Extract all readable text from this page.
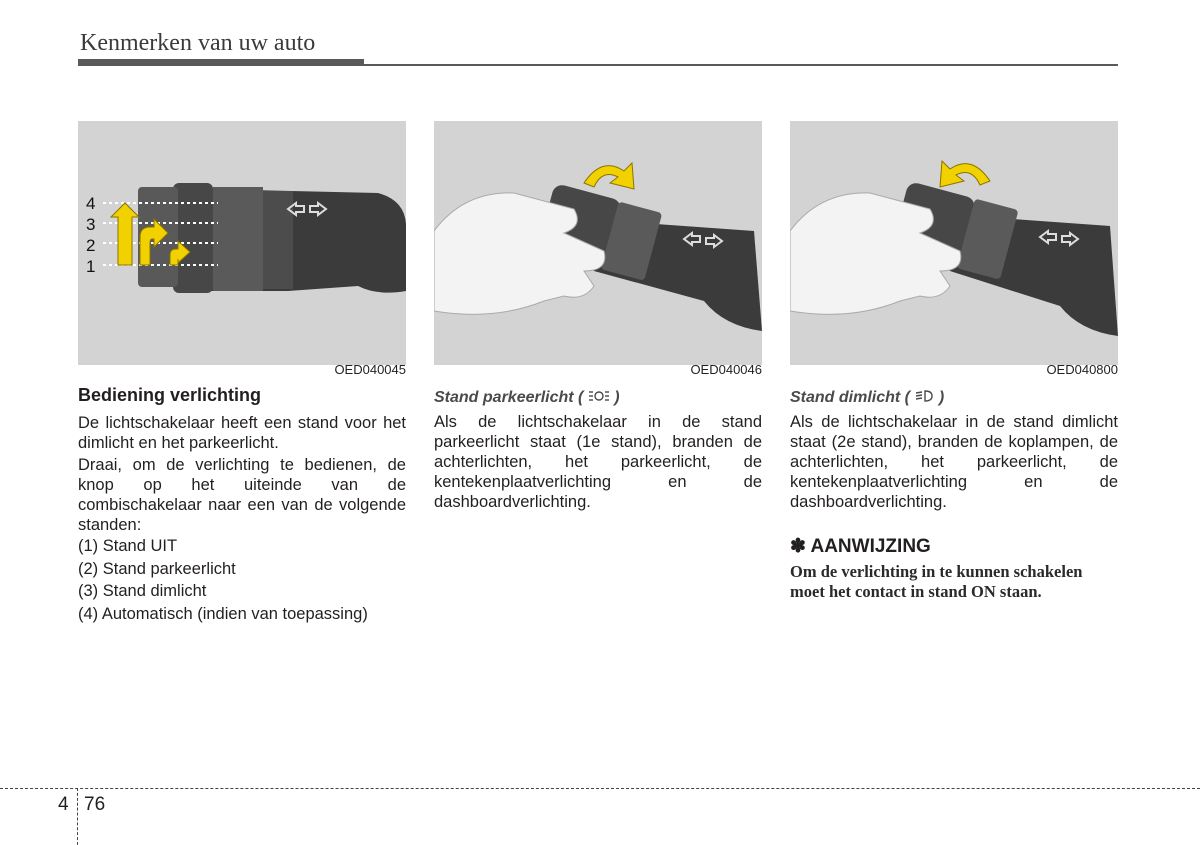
Kenmerken van uw auto
4
3
2
1
OED040045	OED040046	OED040800
Bediening verlichting

De lichtschakelaar heeft een stand voor het dimlicht en het parkeerlicht.

Draai, om de verlichting te bedienen, de knop op het uiteinde van de combischakelaar naar een van de volgende standen:

(1) Stand UIT
(2) Stand parkeerlicht
(3) Stand dimlicht
(4) Automatisch (indien van toepassing)
Stand parkeerlicht ( )

Als de lichtschakelaar in de stand parkeerlicht staat (1e stand), branden de achterlichten, het parkeerlicht, de kentekenplaatverlichting en de dashboardverlichting.

Stand dimlicht ( )

Als de lichtschakelaar in de stand dimlicht staat (2e stand), branden de koplampen, de achterlichten, het parkeerlicht, de kentekenplaatverlichting en de dashboardverlichting.

✽ AANWIJZING

Om de verlichting in te kunnen schakelen moet het contact in stand ON staan.

4 76
